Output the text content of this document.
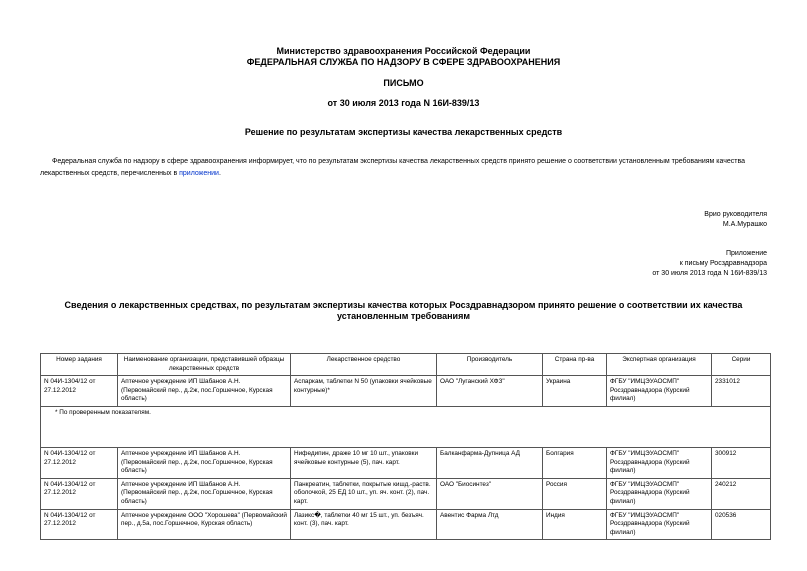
Министерство здравоохранения Российской Федерации
ФЕДЕРАЛЬНАЯ СЛУЖБА ПО НАДЗОРУ В СФЕРЕ ЗДРАВООХРАНЕНИЯ
ПИСЬМО
от 30 июля 2013 года N 16И-839/13
Решение по результатам экспертизы качества лекарственных средств
Федеральная служба по надзору в сфере здравоохранения информирует, что по результатам экспертизы качества лекарственных средств принято решение о соответствии установленным требованиям качества лекарственных средств, перечисленных в приложении.
Врио руководителя
М.А.Мурашко
Приложение
к письму Росздравнадзора
от 30 июля 2013 года N 16И-839/13
Сведения о лекарственных средствах, по результатам экспертизы качества которых Росздравнадзором принято решение о соответствии их качества установленным требованиям
Номер задания	Наименование организации, представившей образцы лекарственных средств	Лекарственное средство	Производитель	Страна пр-ва	Экспертная организация	Серии
N 04И-1304/12 от 27.12.2012	Аптечное учреждение ИП Шабанов А.Н. (Первомайский пер., д.2ж, пос.Горшечное, Курская область)	Аспаркам, таблетки N 50 (упаковки ячейковые контурные)*	ОАО "Луганский ХФЗ"	Украина	ФГБУ "ИМЦЭУАОСМП" Росздравнадзора (Курский филиал)	2331012
* По проверенным показателям.						
N 04И-1304/12 от 27.12.2012	Аптечное учреждение ИП Шабанов А.Н. (Первомайский пер., д.2ж, пос.Горшечное, Курская область)	Нифедипин, драже 10 мг 10 шт., упаковки ячейковые контурные (5), пач. карт.	Балканфарма-Дупница АД	Болгария	ФГБУ "ИМЦЭУАОСМП" Росздравнадзора (Курский филиал)	300912
N 04И-1304/12 от 27.12.2012	Аптечное учреждение ИП Шабанов А.Н. (Первомайский пер., д.2ж, пос.Горшечное, Курская область)	Панкреатин, таблетки, покрытые кишд.-раств. оболочкой, 25 ЕД 10 шт., уп. яч. конт. (2), пач. карт.	ОАО "Биосинтез"	Россия	ФГБУ "ИМЦЭУАОСМП" Росздравнадзора (Курский филиал)	240212
N 04И-1304/12 от 27.12.2012	Аптечное учреждение ООО "Хорошева" (Первомайский пер., д.5а, пос.Горшечное, Курская область)	Лазикс�, таблетки 40 мг 15 шт., уп. безъяч. конт. (3), пач. карт.	Авентис Фарма Лтд	Индия	ФГБУ "ИМЦЭУАОСМП" Росздравнадзора (Курский филиал)	020536
